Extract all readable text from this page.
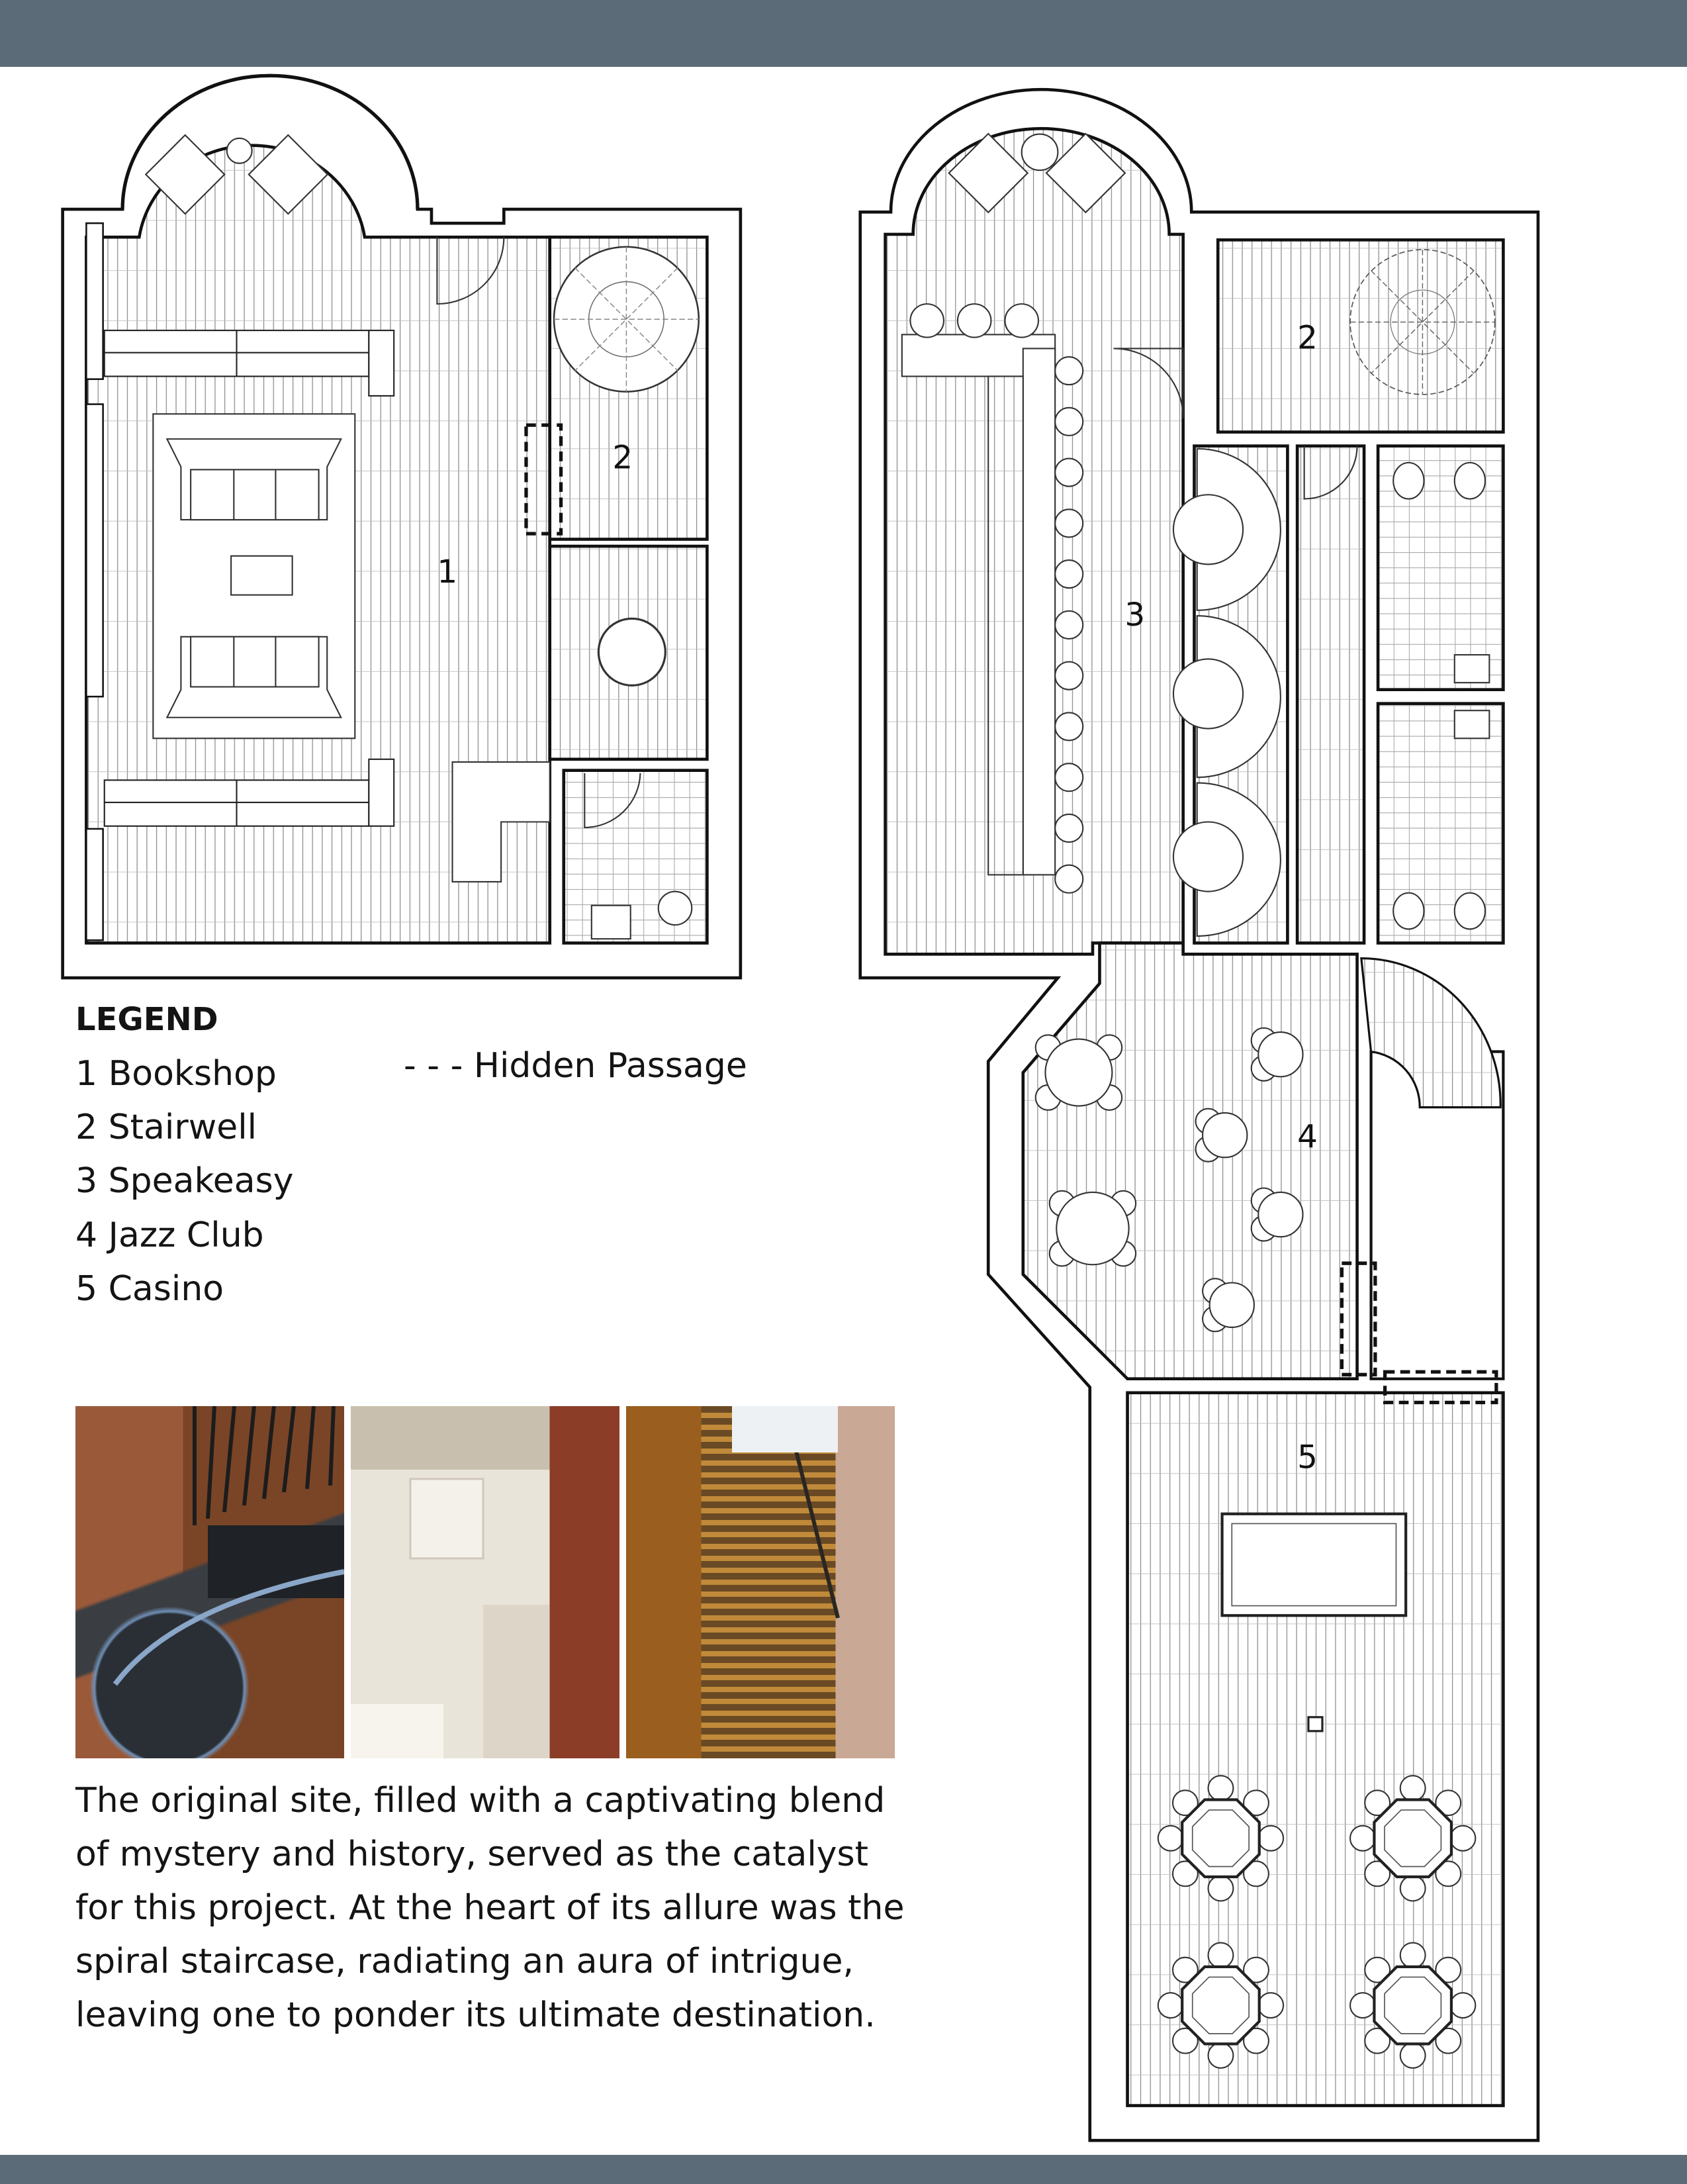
1
2
2
3
4
5
LEGEND
1 Bookshop
2 Stairwell
3 Speakeasy
4 Jazz Club
5 Casino
- - - Hidden Passage
The original site, filled with a captivating blend
of mystery and history, served as the catalyst
for this project. At the heart of its allure was the
spiral staircase, radiating an aura of intrigue,
leaving one to ponder its ultimate destination.
